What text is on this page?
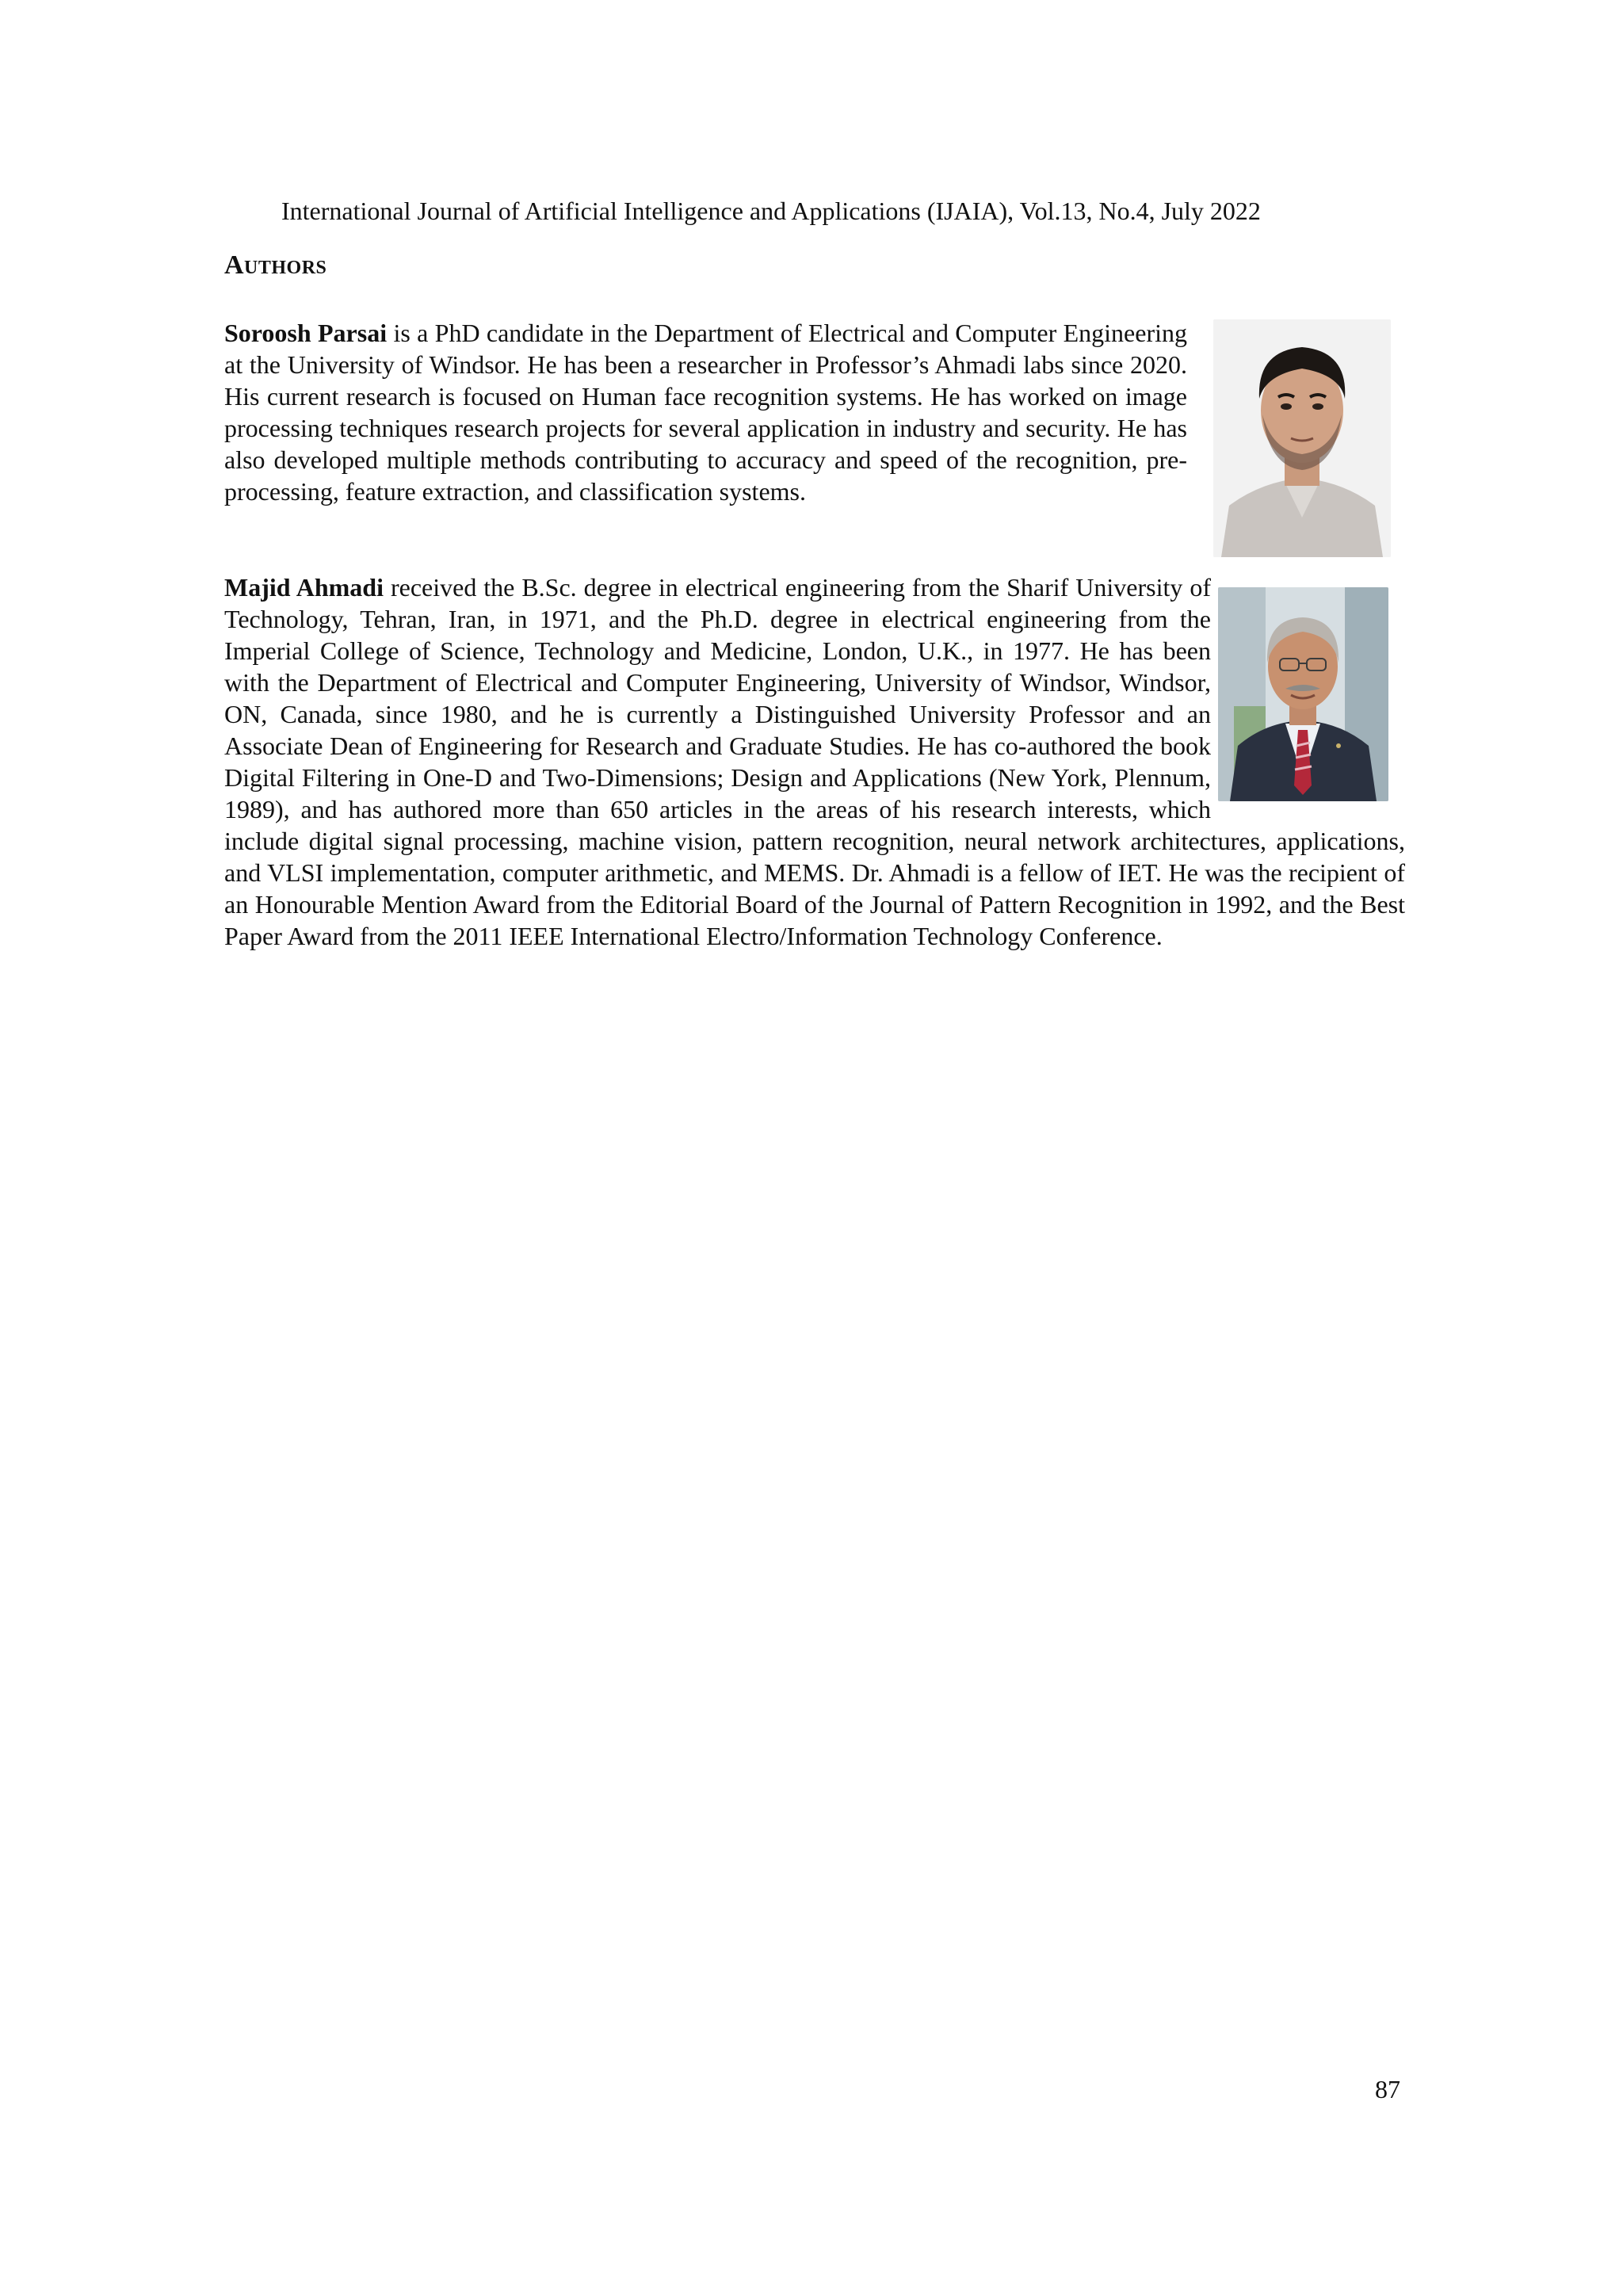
International Journal of Artificial Intelligence and Applications (IJAIA), Vol.13, No.4, July 2022
Authors
Soroosh Parsai is a PhD candidate in the Department of Electrical and Computer Engineering at the University of Windsor. He has been a researcher in Professor’s Ahmadi labs since 2020. His current research is focused on Human face recognition systems. He has worked on image processing techniques research projects for several application in industry and security. He has also developed multiple methods contributing to accuracy and speed of the recognition, pre-processing, feature extraction, and classification systems.
Majid Ahmadi received the B.Sc. degree in electrical engineering from the Sharif University of Technology, Tehran, Iran, in 1971, and the Ph.D. degree in electrical engineering from the Imperial College of Science, Technology and Medicine, London, U.K., in 1977. He has been with the Department of Electrical and Computer Engineering, University of Windsor, Windsor, ON, Canada, since 1980, and he is currently a Distinguished University Professor and an Associate Dean of Engineering for Research and Graduate Studies. He has co-authored the book Digital Filtering in One-D and Two-Dimensions; Design and Applications (New York, Plennum, 1989), and has authored more than 650 articles in the areas of his research interests, which include digital signal processing, machine vision, pattern recognition, neural network architectures, applications, and VLSI implementation, computer arithmetic, and MEMS. Dr. Ahmadi is a fellow of IET. He was the recipient of an Honourable Mention Award from the Editorial Board of the Journal of Pattern Recognition in 1992, and the Best Paper Award from the 2011 IEEE International Electro/Information Technology Conference.
87
